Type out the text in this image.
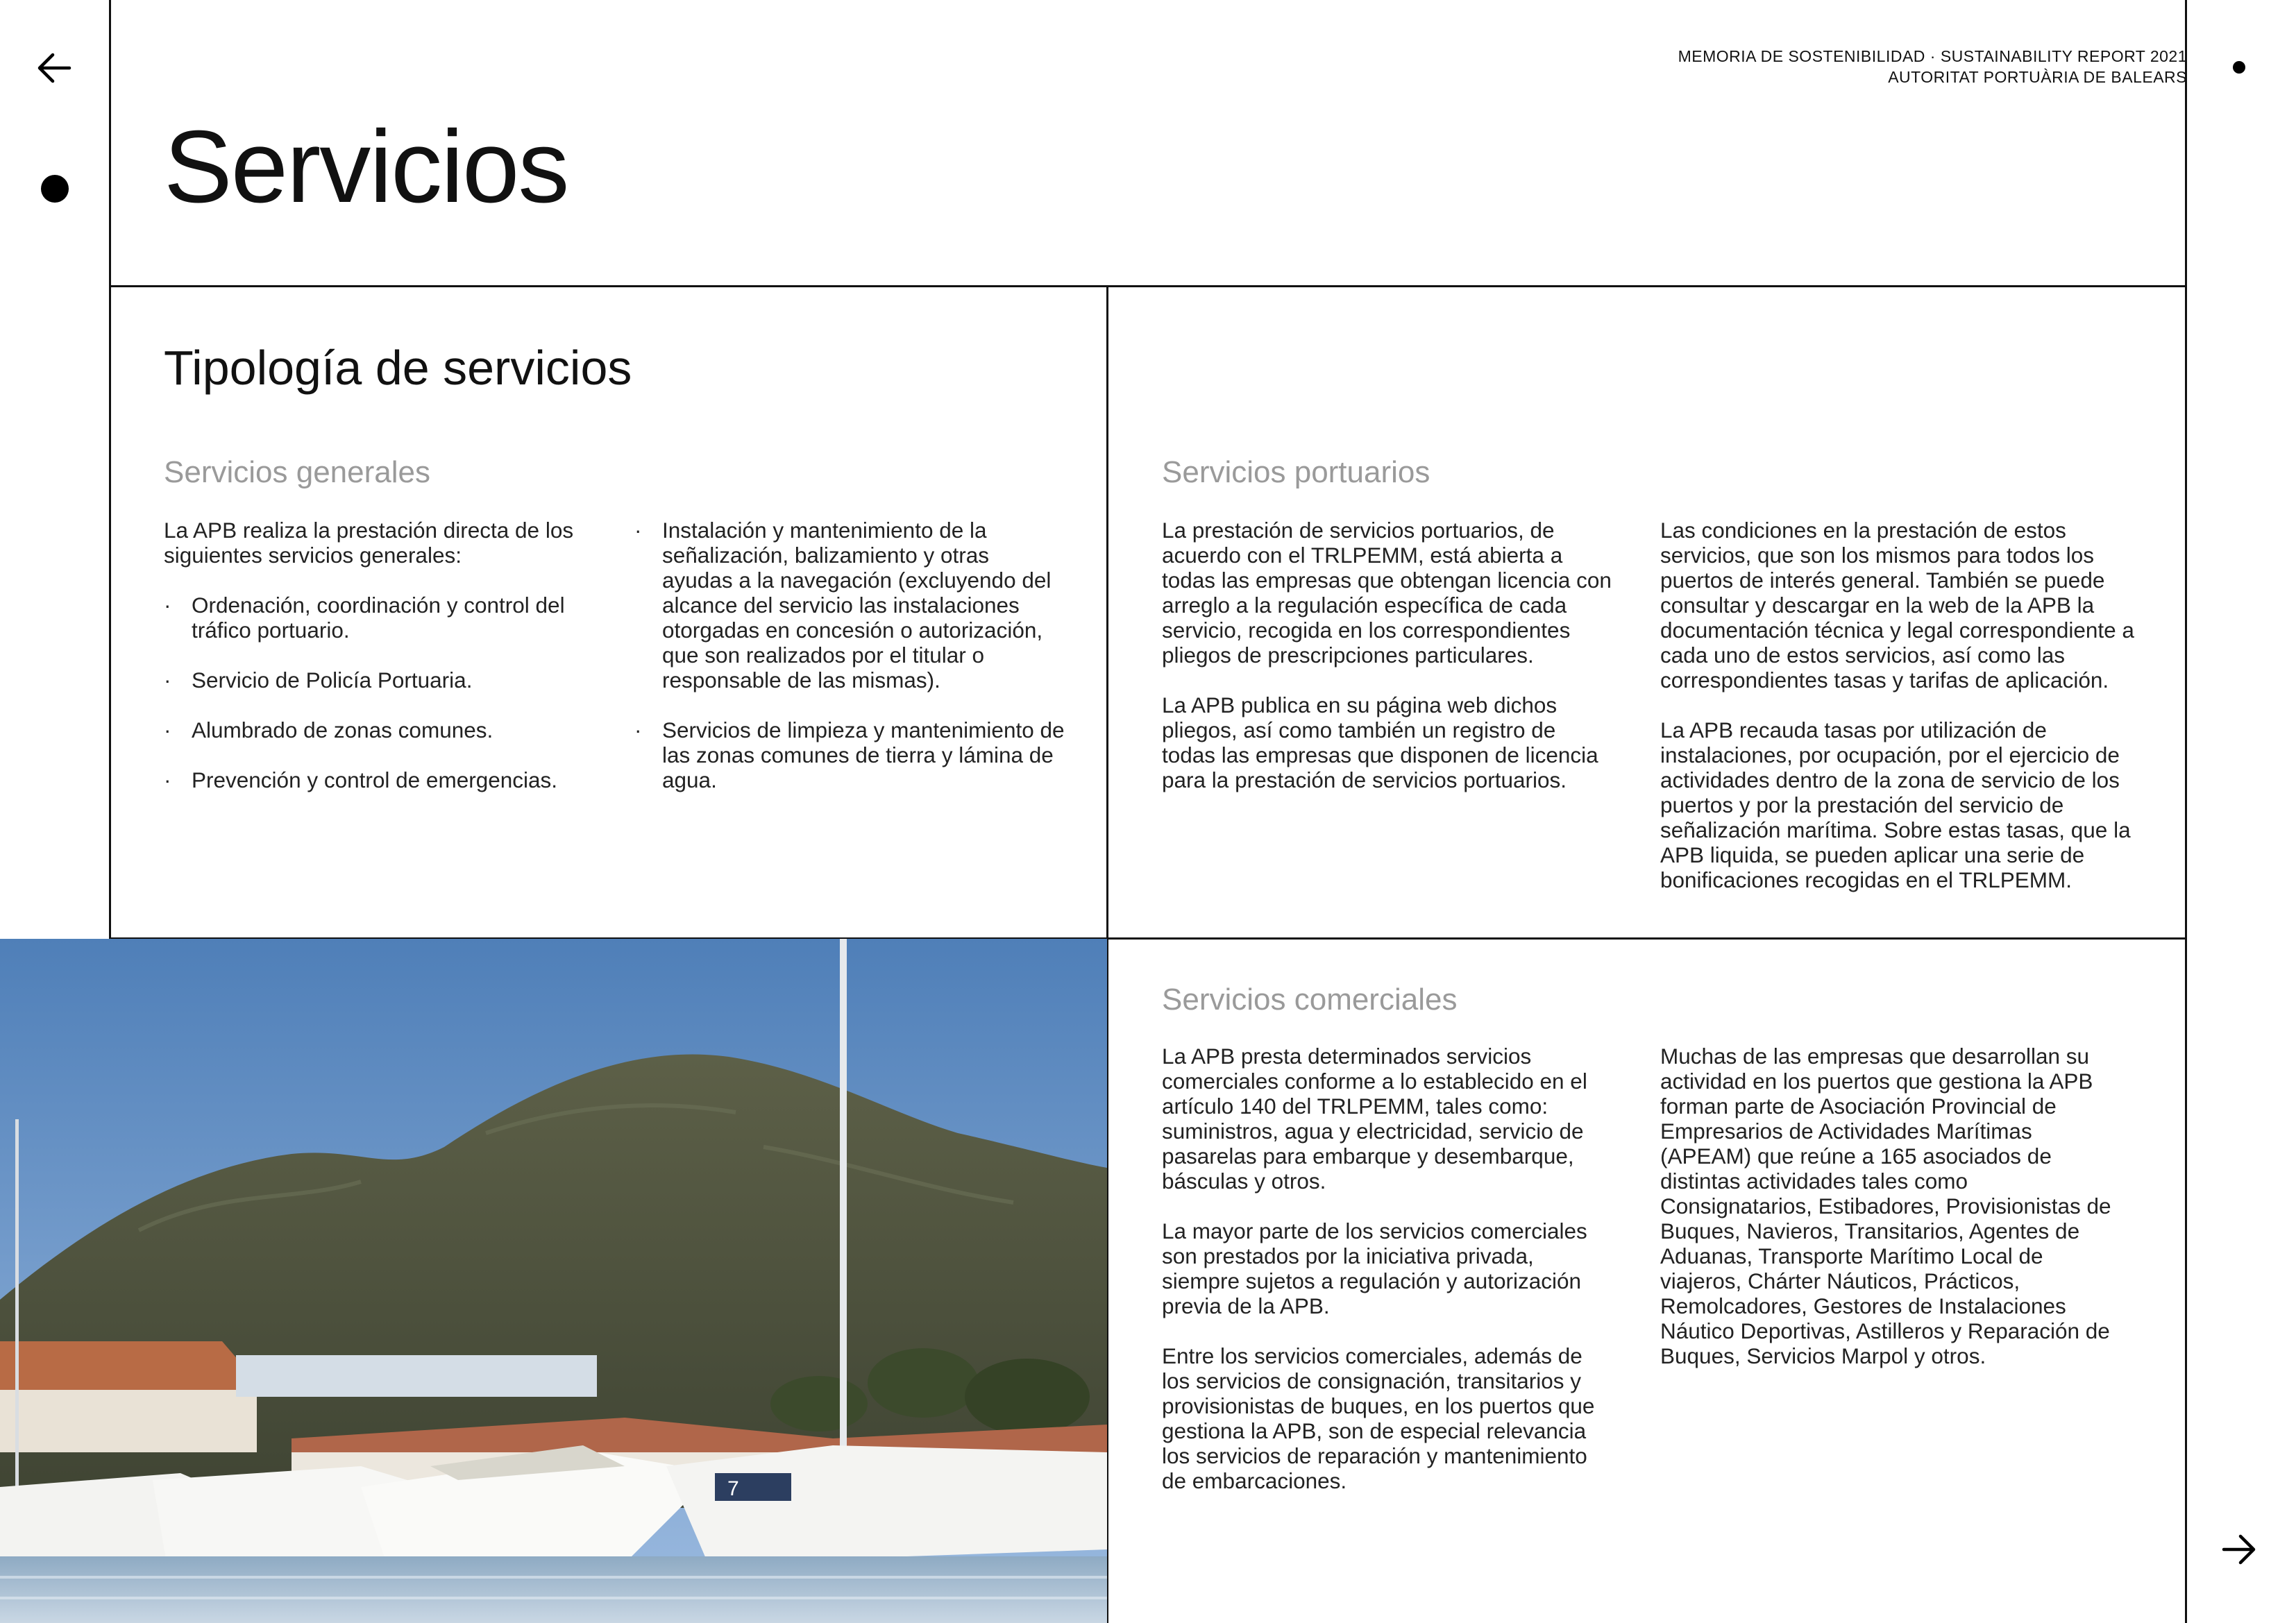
MEMORIA DE SOSTENIBILIDAD · SUSTAINABILITY REPORT 2021
AUTORITAT PORTUÀRIA DE BALEARS
Servicios
Tipología de servicios
Servicios generales

La APB realiza la prestación directa de los siguientes servicios generales:

· Ordenación, coordinación y control del tráfico portuario.
· Servicio de Policía Portuaria.
· Alumbrado de zonas comunes.
· Prevención y control de emergencias.
· Instalación y mantenimiento de la señalización, balizamiento y otras ayudas a la navegación (excluyendo del alcance del servicio las instalaciones otorgadas en concesión o autorización, que son realizados por el titular o responsable de las mismas).
· Servicios de limpieza y mantenimiento de las zonas comunes de tierra y lámina de agua.
Servicios portuarios

La prestación de servicios portuarios, de acuerdo con el TRLPEMM, está abierta a todas las empresas que obtengan licencia con arreglo a la regulación específica de cada servicio, recogida en los correspondientes pliegos de prescripciones particulares.

La APB publica en su página web dichos pliegos, así como también un registro de todas las empresas que disponen de licencia para la prestación de servicios portuarios.

Las condiciones en la prestación de estos servicios, que son los mismos para todos los puertos de interés general. También se puede consultar y descargar en la web de la APB la documentación técnica y legal correspondiente a cada uno de estos servicios, así como las correspondientes tasas y tarifas de aplicación.

La APB recauda tasas por utilización de instalaciones, por ocupación, por el ejercicio de actividades dentro de la zona de servicio de los puertos y por la prestación del servicio de señalización marítima. Sobre estas tasas, que la APB liquida, se pueden aplicar una serie de bonificaciones recogidas en el TRLPEMM.

Servicios comerciales

La APB presta determinados servicios comerciales conforme a lo establecido en el artículo 140 del TRLPEMM, tales como: suministros, agua y electricidad, servicio de pasarelas para embarque y desembarque, básculas y otros.

La mayor parte de los servicios comerciales son prestados por la iniciativa privada, siempre sujetos a regulación y autorización previa de la APB.

Entre los servicios comerciales, además de los servicios de consignación, transitarios y provisionistas de buques, en los puertos que gestiona la APB, son de especial relevancia los servicios de reparación y mantenimiento de embarcaciones.

Muchas de las empresas que desarrollan su actividad en los puertos que gestiona la APB forman parte de Asociación Provincial de Empresarios de Actividades Marítimas (APEAM) que reúne a 165 asociados de distintas actividades tales como Consignatarios, Estibadores, Provisionistas de Buques, Navieros, Transitarios, Agentes de Aduanas, Transporte Marítimo Local de viajeros, Chárter Náuticos, Prácticos, Remolcadores, Gestores de Instalaciones Náutico Deportivas, Astilleros y Reparación de Buques, Servicios Marpol y otros.

7
